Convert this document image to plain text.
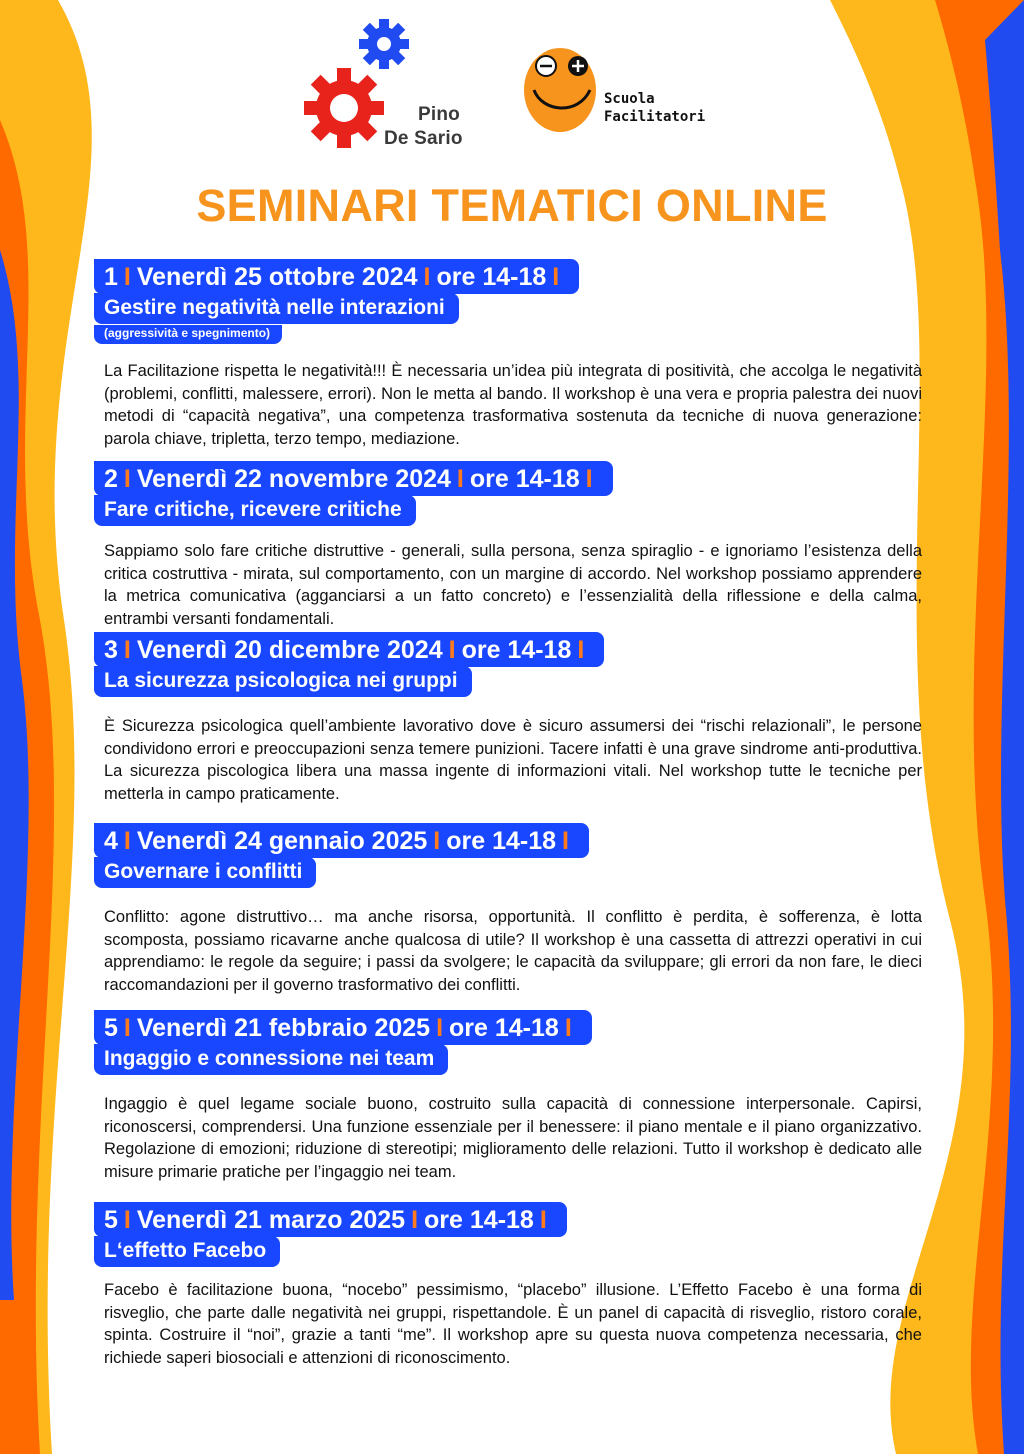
Pino
De Sario
Scuola
Facilitatori
SEMINARI TEMATICI ONLINE
1 I Venerdì 25 ottobre 2024 I ore 14-18 I
Gestire negatività nelle interazioni
(aggressività e spegnimento)

La Facilitazione rispetta le negatività!!! È necessaria un’idea più integrata di positività, che accolga le negatività (problemi, conflitti, malessere, errori). Non le metta al bando. Il workshop è una vera e propria palestra dei nuovi metodi di “capacità negativa”, una competenza trasformativa sostenuta da tecniche di nuova generazione: parola chiave, tripletta, terzo tempo, mediazione.

2 I Venerdì 22 novembre 2024 I ore 14-18 I
Fare critiche, ricevere critiche

Sappiamo solo fare critiche distruttive - generali, sulla persona, senza spiraglio - e ignoriamo l’esistenza della critica costruttiva - mirata, sul comportamento, con un margine di accordo. Nel workshop possiamo apprendere la metrica comunicativa (agganciarsi a un fatto concreto) e l’essenzialità della riflessione e della calma, entrambi versanti fondamentali.

3 I Venerdì 20 dicembre 2024 I ore 14-18 I
La sicurezza psicologica nei gruppi

È Sicurezza psicologica quell’ambiente lavorativo dove è sicuro assumersi dei “rischi relazionali”, le persone condividono errori e preoccupazioni senza temere punizioni. Tacere infatti è una grave sindrome anti-produttiva. La sicurezza piscologica libera una massa ingente di informazioni vitali. Nel workshop tutte le tecniche per metterla in campo praticamente.

4 I Venerdì 24 gennaio 2025 I ore 14-18 I
Governare i conflitti

Conflitto: agone distruttivo… ma anche risorsa, opportunità. Il conflitto è perdita, è sofferenza, è lotta scomposta, possiamo ricavarne anche qualcosa di utile? Il workshop è una cassetta di attrezzi operativi in cui apprendiamo: le regole da seguire; i passi da svolgere; le capacità da sviluppare; gli errori da non fare, le dieci raccomandazioni per il governo trasformativo dei conflitti.

5 I Venerdì 21 febbraio 2025 I ore 14-18 I
Ingaggio e connessione nei team

Ingaggio è quel legame sociale buono, costruito sulla capacità di connessione interpersonale. Capirsi, riconoscersi, comprendersi. Una funzione essenziale per il benessere: il piano mentale e il piano organizzativo. Regolazione di emozioni; riduzione di stereotipi; miglioramento delle relazioni. Tutto il workshop è dedicato alle misure primarie pratiche per l’ingaggio nei team.

5 I Venerdì 21 marzo 2025 I ore 14-18 I
L‘effetto Facebo

Facebo è facilitazione buona, “nocebo” pessimismo, “placebo” illusione. L’Effetto Facebo è una forma di risveglio, che parte dalle negatività nei gruppi, rispettandole. È un panel di capacità di risveglio, ristoro corale, spinta. Costruire il “noi”, grazie a tanti “me”. Il workshop apre su questa nuova competenza necessaria, che richiede saperi biosociali e attenzioni di riconoscimento.
